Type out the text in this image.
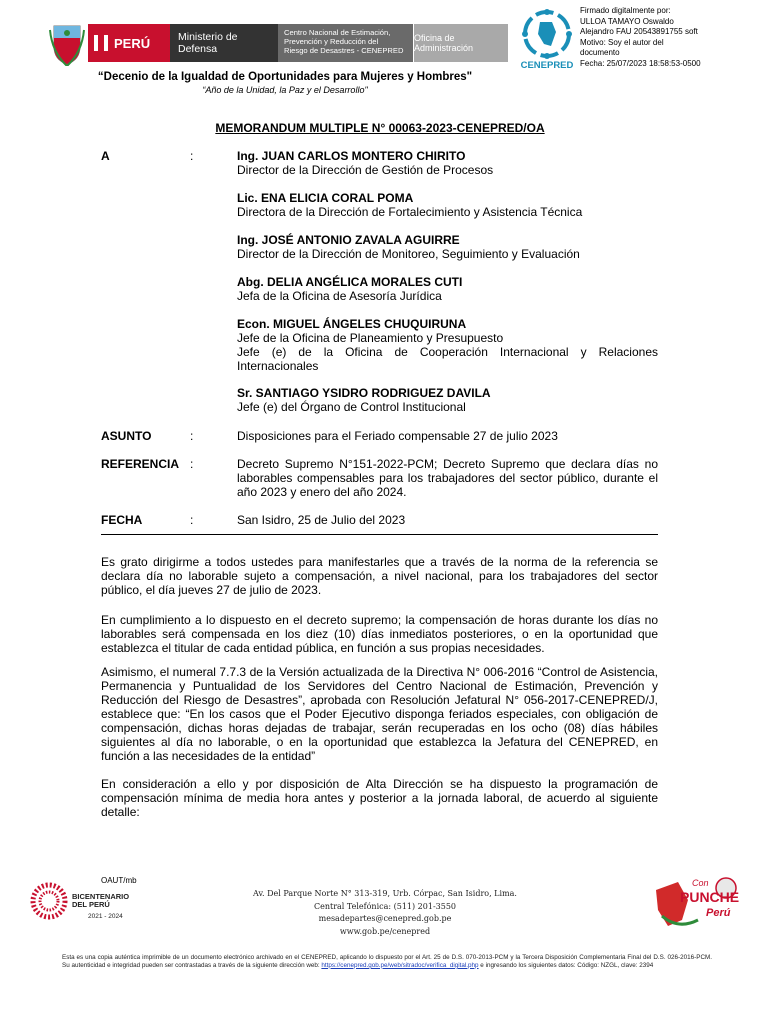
PERÚ	Ministerio de Defensa
Centro Nacional de Estimación,
Prevención y Reducción del
Riesgo de Desastres - CENEPRED
Oficina de Administración
CENEPRED
Firmado digitalmente por:
ULLOA TAMAYO Oswaldo
Alejandro FAU 20543891755 soft
Motivo: Soy el autor del
documento
Fecha: 25/07/2023 18:58:53-0500
“Decenio de la Igualdad de Oportunidades para Mujeres y Hombres"
“Año de la Unidad, la Paz y el Desarrollo"
MEMORANDUM MULTIPLE N° 00063-2023-CENEPRED/OA
A	:	Ing. JUAN CARLOS MONTERO CHIRITO
Director de la Dirección de Gestión de Procesos
Lic. ENA ELICIA CORAL POMA
Directora de la Dirección de Fortalecimiento y Asistencia Técnica
Ing. JOSÉ ANTONIO ZAVALA AGUIRRE
Director de la Dirección de Monitoreo, Seguimiento y Evaluación
Abg. DELIA ANGÉLICA MORALES CUTI
Jefa de la Oficina de Asesoría Jurídica
Econ. MIGUEL ÁNGELES CHUQUIRUNA
Jefe de la Oficina de Planeamiento y Presupuesto
Jefe (e) de la Oficina de Cooperación Internacional y Relaciones Internacionales
Sr. SANTIAGO YSIDRO RODRIGUEZ DAVILA
Jefe (e) del Órgano de Control Institucional
ASUNTO	:	Disposiciones para el Feriado compensable 27 de julio 2023
REFERENCIA :	Decreto Supremo N°151-2022-PCM; Decreto Supremo que declara días no laborables compensables para los trabajadores del sector público, durante el año 2023 y enero del año 2024.
FECHA	:	San Isidro, 25 de Julio del 2023
Es grato dirigirme a todos ustedes para manifestarles que a través de la norma de la referencia se declara día no laborable sujeto a compensación, a nivel nacional, para los trabajadores del sector público, el día jueves 27 de julio de 2023.
En cumplimiento a lo dispuesto en el decreto supremo; la compensación de horas durante los días no laborables será compensada en los diez (10) días inmediatos posteriores, o en la oportunidad que establezca el titular de cada entidad pública, en función a sus propias necesidades.
Asimismo, el numeral 7.7.3 de la Versión actualizada de la Directiva N° 006-2016 “Control de Asistencia, Permanencia y Puntualidad de los Servidores del Centro Nacional de Estimación, Prevención y Reducción del Riesgo de Desastres”, aprobada con Resolución Jefatural N° 056-2017-CENEPRED/J, establece que: “En los casos que el Poder Ejecutivo disponga feriados especiales, con obligación de compensación, dichas horas dejadas de trabajar, serán recuperadas en los ocho (08) días hábiles siguientes al día no laborable, o en la oportunidad que establezca la Jefatura del CENEPRED, en función a las necesidades de la entidad”
En consideración a ello y por disposición de Alta Dirección se ha dispuesto la programación de compensación mínima de media hora antes y posterior a la jornada laboral, de acuerdo al siguiente detalle:
OAUT/mb
BICENTENARIO
DEL PERÚ
2021 - 2024
Av. Del Parque Norte N° 313-319, Urb. Córpac, San Isidro, Lima.
Central Telefónica: (511) 201-3550
mesadepartes@cenepred.gob.pe
www.gob.pe/cenepred
Con
PUNCHE
Perú
Esta es una copia auténtica imprimible de un documento electrónico archivado en el CENEPRED, aplicando lo dispuesto por el Art. 25 de D.S. 070-2013-PCM y la Tercera Disposición Complementaria Final del D.S. 026-2016-PCM. Su autenticidad e integridad pueden ser contrastadas a través de la siguiente dirección web: https://cenepred.gob.pe/web/sitradoc/verifica_digital.php e ingresando los siguientes datos: Código: NZGL, clave: 2394
